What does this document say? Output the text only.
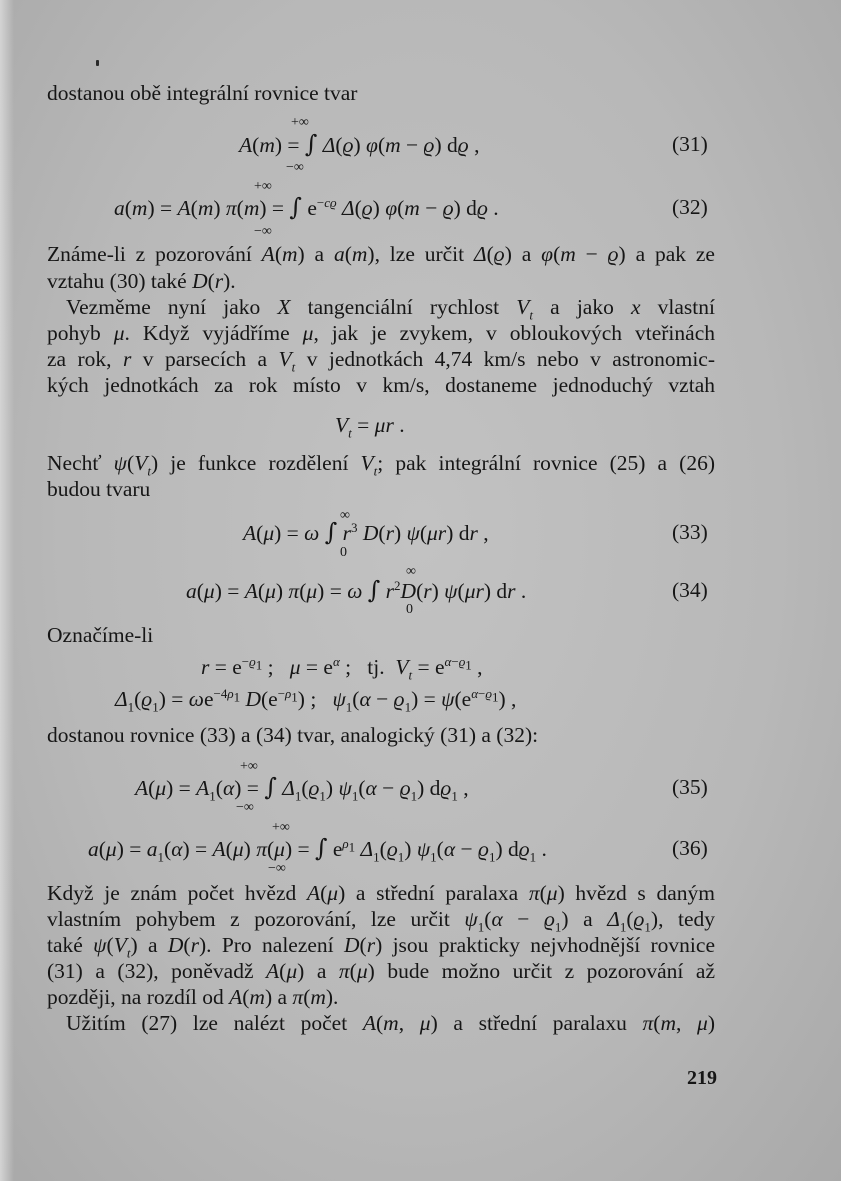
dostanou obě integrální rovnice tvar
+∞
A(m) = ∫ Δ(ϱ) φ(m − ϱ) dϱ ,
−∞
(31)
+∞
a(m) = A(m) π(m) = ∫ $e^{-cϱ}$ Δ(ϱ) φ(m − ϱ) dϱ .
−∞
(32)
Známe-li z pozorování A(m) a a(m), lze určit Δ(ϱ) a φ(m − ϱ) a pak ze
vztahu (30) také D(r).
Vezměme nyní jako X tangenciální rychlost $V_t$ a jako x vlastní
pohyb μ. Když vyjádříme μ, jak je zvykem, v obloukových vteřinách
za rok, r v parsecích a $V_t$ v jednotkách 4,74 km/s nebo v astronomic-
kých jednotkách za rok místo v km/s, dostaneme jednoduchý vztah
$V_t = \mu r$ .
Nechť $\psi(V_t)$ je funkce rozdělení $V_t$; pak integrální rovnice (25) a (26)
budou tvaru
∞
A(μ) = ω ∫ $r^3$ D(r) ψ(μr) dr ,
0
(33)
∞
a(μ) = A(μ) π(μ) = ω ∫ $r^2D(r)$ ψ(μr) dr .
0
(34)
Označíme-li
$r = e^{-ϱ_1}$ ;   $\mu = e^\alpha$ ;   tj.  $V_t = e^{\alpha-ϱ_1}$ ,
$\Delta_1(ϱ_1) = \omega e^{-4\rho_1}$ $D(e^{-\rho_1})$ ;   $\psi_1(\alpha - ϱ_1) = \psi(e^{\alpha-ϱ_1})$ ,
dostanou rovnice (33) a (34) tvar, analogický (31) a (32):
+∞
$A(\mu) = A_1(\alpha)$ = ∫ $\Delta_1(ϱ_1) \psi_1(\alpha - ϱ_1)$ $dϱ_1$ ,
−∞
(35)
+∞
$a(\mu) = a_1(\alpha) = A(\mu) \pi(\mu)$ = ∫ $e^{\rho_1}$ $\Delta_1(ϱ_1) \psi_1(\alpha - ϱ_1)$ $dϱ_1$ .
−∞
(36)
Když je znám počet hvězd A(μ) a střední paralaxa π(μ) hvězd s daným
vlastním pohybem z pozorování, lze určit $\psi_1(\alpha - ϱ_1)$ a $\Delta_1(ϱ_1)$, tedy
také $\psi(V_t)$ a D(r). Pro nalezení D(r) jsou prakticky nejvhodnější rovnice
(31) a (32), poněvadž A(μ) a π(μ) bude možno určit z pozorování až
později, na rozdíl od A(m) a π(m).
Užitím (27) lze nalézt počet A(m, μ) a střední paralaxu π(m, μ)
219
